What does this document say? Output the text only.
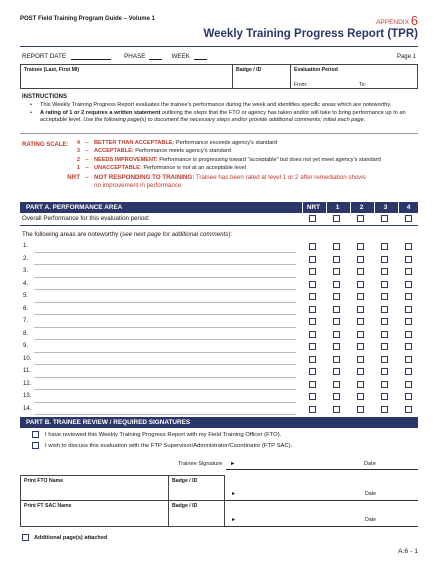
POST Field Training Program Guide – Volume 1	APPENDIX 6
Weekly Training Progress Report (TPR)
REPORT DATE	PHASE	WEEK	Page 1
Trainee (Last, First MI)	Badge / ID	Evaluation Period
From:	To:
INSTRUCTIONS
•	This Weekly Training Progress Report evaluates the trainee's performance during the week and identifies specific areas which are noteworthy.
•	A rating of 1 or 2 requires a written statement outlining the steps that the FTO or agency has taken and/or will take to bring performance up to an acceptable level. Use the following page(s) to document the necessary steps and/or provide additional comments; initial each page.
RATING SCALE:	4 – BETTER THAN ACCEPTABLE: Performance exceeds agency's standard
3 – ACCEPTABLE: Performance meets agency's standard
2 – NEEDS IMPROVEMENT: Performance is progressing toward "acceptable" but does not yet meet agency's standard
1 – UNACCEPTABLE: Performance is not at an acceptable level
NRT – NOT RESPONDING TO TRAINING: Trainee has been rated at level 1 or 2 after remediation shows
no improvement in performance
PART A. PERFORMANCE AREA	NRT	1	2	3	4
Overall Performance for this evaluation period:
The following areas are noteworthy (see next page for additional comments):
1.
2.
3.
4.
5.
6.
7.
8.
9.
10.
11.
12.
13.
14.
PART B. TRAINEE REVIEW / REQUIRED SIGNATURES
I have reviewed this Weekly Training Progress Report with my Field Training Officer (FTO).
I wish to discuss this evaluation with the FTP Supervisor/Administrator/Coordinator (FTP SAC).
Trainee Signature ►	Date
Print FTO Name	Badge / ID	
►	Date
Print FT SAC Name	Badge / ID	
►	Date
Additional page(s) attached
A.6 - 1
